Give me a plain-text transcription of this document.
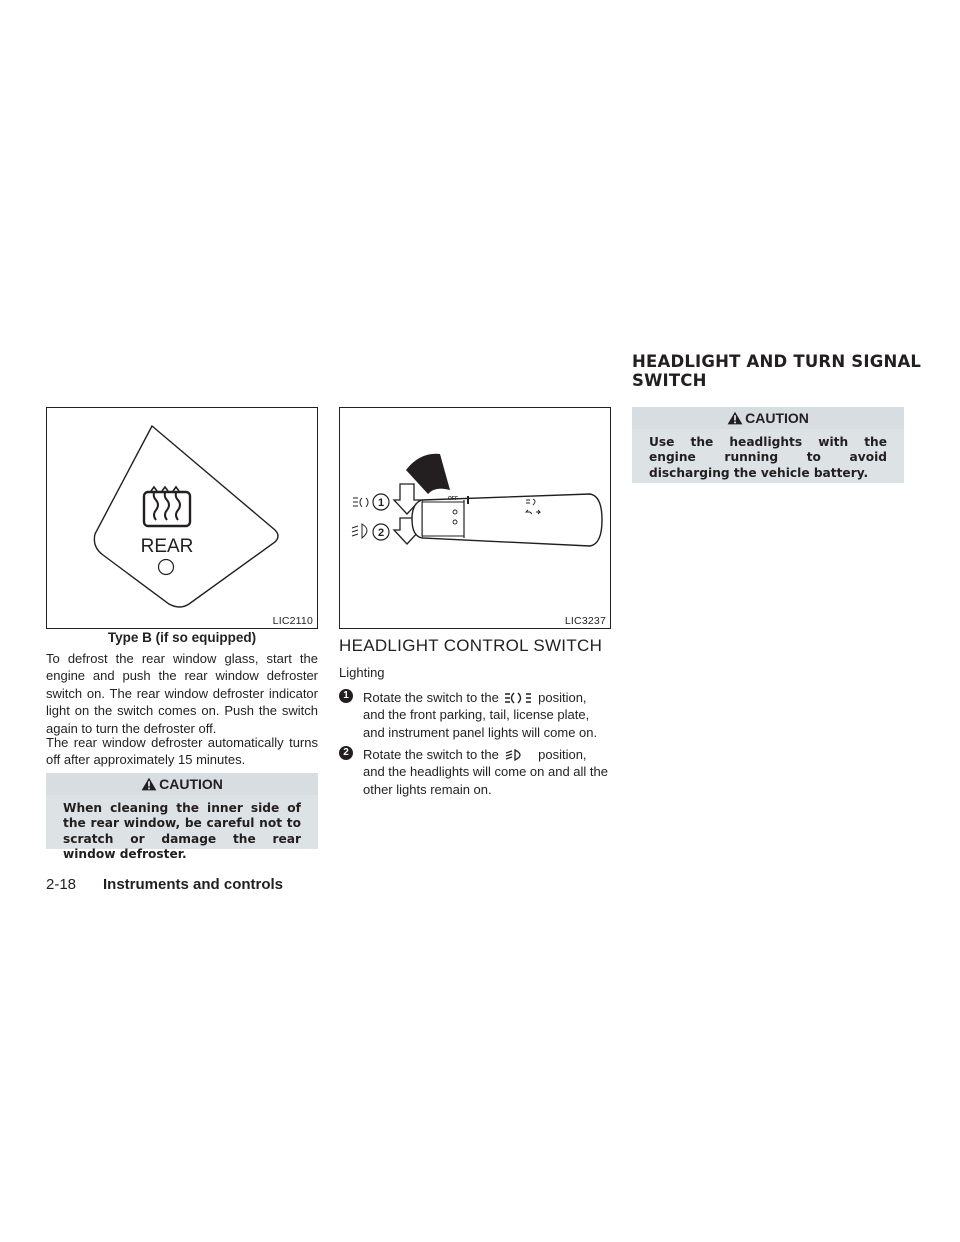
HEADLIGHT AND TURN SIGNAL
SWITCH
REAR
LIC2110
Type B (if so equipped)
To defrost the rear window glass, start the engine and push the rear window defroster switch on. The rear window defroster indicator light on the switch comes on. Push the switch again to turn the defroster off.
The rear window defroster automatically turns off after approximately 15 minutes.
CAUTION
When cleaning the inner side of the rear window, be careful not to scratch or damage the rear window defroster.
OFF
1
2
LIC3237
HEADLIGHT CONTROL SWITCH
Lighting
1	Rotate the switch to the	position, and the front parking, tail, license plate, and instrument panel lights will come on.
2	Rotate the switch to the	position, and the headlights will come on and all the other lights remain on.
CAUTION
Use the headlights with the engine running to avoid discharging the vehicle battery.
2-18 Instruments and controls
